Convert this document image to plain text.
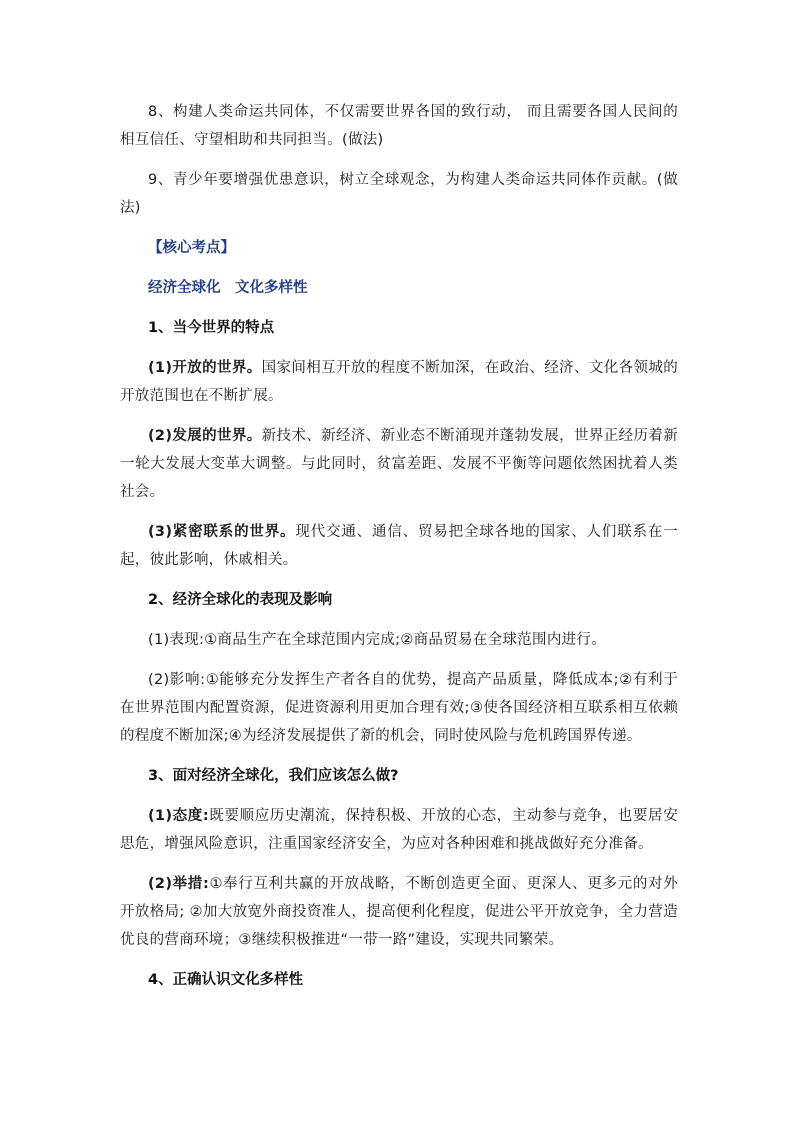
8、构建人类命运共同体，不仅需要世界各国的致行动， 而且需要各国人民间的相互信任、守望相助和共同担当。(做法)

9、青少年要增强优患意识，树立全球观念，为构建人类命运共同体作贡献。(做法)

【核心考点】
经济全球化　文化多样性
1、当今世界的特点

(1)开放的世界。国家间相互开放的程度不断加深，在政治、经济、文化各领城的开放范围也在不断扩展。

(2)发展的世界。新技术、新经济、新业态不断涌现并蓬勃发展，世界正经历着新一轮大发展大变革大调整。与此同时，贫富差距、发展不平衡等问题依然困扰着人类社会。

(3)紧密联系的世界。现代交通、通信、贸易把全球各地的国家、人们联系在一起，彼此影响，休戚相关。

2、经济全球化的表现及影响

(1)表现:①商品生产在全球范围内完成;②商品贸易在全球范围内进行。

(2)影响:①能够充分发挥生产者各自的优势，提高产品质量，降低成本;②有利于在世界范围内配置资源，促进资源利用更加合理有效;③使各国经济相互联系相互依赖的程度不断加深;④为经济发展提供了新的机会，同时使风险与危机跨国界传递。

3、面对经济全球化，我们应该怎么做?

(1)态度:既要顺应历史潮流，保持积极、开放的心态，主动参与竞争，也要居安思危，增强风险意识，注重国家经济安全，为应对各种困难和挑战做好充分准备。

(2)举措:①奉行互利共赢的开放战略，不断创造更全面、更深人、更多元的对外开放格局; ②加大放宽外商投资准人，提高便利化程度，促进公平开放竞争，全力营造优良的营商环境；③继续积极推进“一带一路”建设，实现共同繁荣。

4、正确认识文化多样性
